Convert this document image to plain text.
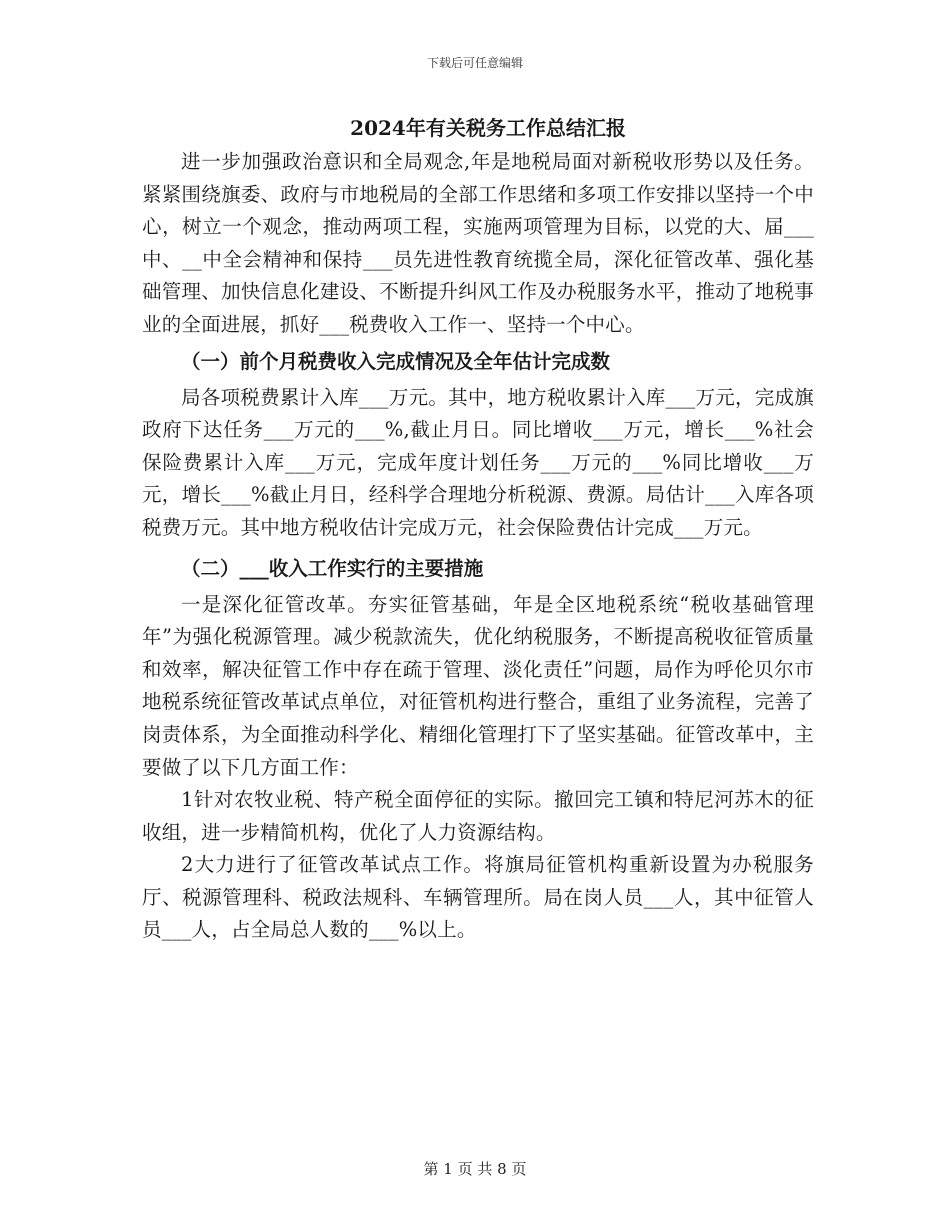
下载后可任意编辑
2024年有关税务工作总结汇报

进一步加强政治意识和全局观念,年是地税局面对新税收形势以及任务。紧紧围绕旗委、政府与市地税局的全部工作思绪和多项工作安排以坚持一个中心，树立一个观念，推动两项工程，实施两项管理为目标，以党的大、届___中、__中全会精神和保持___员先进性教育统揽全局，深化征管改革、强化基础管理、加快信息化建设、不断提升纠风工作及办税服务水平，推动了地税事业的全面进展，抓好___税费收入工作一、坚持一个中心。

（一）前个月税费收入完成情况及全年估计完成数

局各项税费累计入库___万元。其中，地方税收累计入库___万元，完成旗政府下达任务___万元的___%,截止月日。同比增收___万元，增长___%社会保险费累计入库___万元，完成年度计划任务___万元的___%同比增收___万元，增长___%截止月日，经科学合理地分析税源、费源。局估计___入库各项税费万元。其中地方税收估计完成万元，社会保险费估计完成___万元。

（二）___收入工作实行的主要措施

一是深化征管改革。夯实征管基础，年是全区地税系统“税收基础管理年”为强化税源管理。减少税款流失，优化纳税服务，不断提高税收征管质量和效率，解决征管工作中存在疏于管理、淡化责任”问题，局作为呼伦贝尔市地税系统征管改革试点单位，对征管机构进行整合，重组了业务流程，完善了岗责体系，为全面推动科学化、精细化管理打下了坚实基础。征管改革中，主要做了以下几方面工作：

1针对农牧业税、特产税全面停征的实际。撤回完工镇和特尼河苏木的征收组，进一步精简机构，优化了人力资源结构。

2大力进行了征管改革试点工作。将旗局征管机构重新设置为办税服务厅、税源管理科、税政法规科、车辆管理所。局在岗人员___人，其中征管人员___人，占全局总人数的___%以上。

第 1 页 共 8 页
